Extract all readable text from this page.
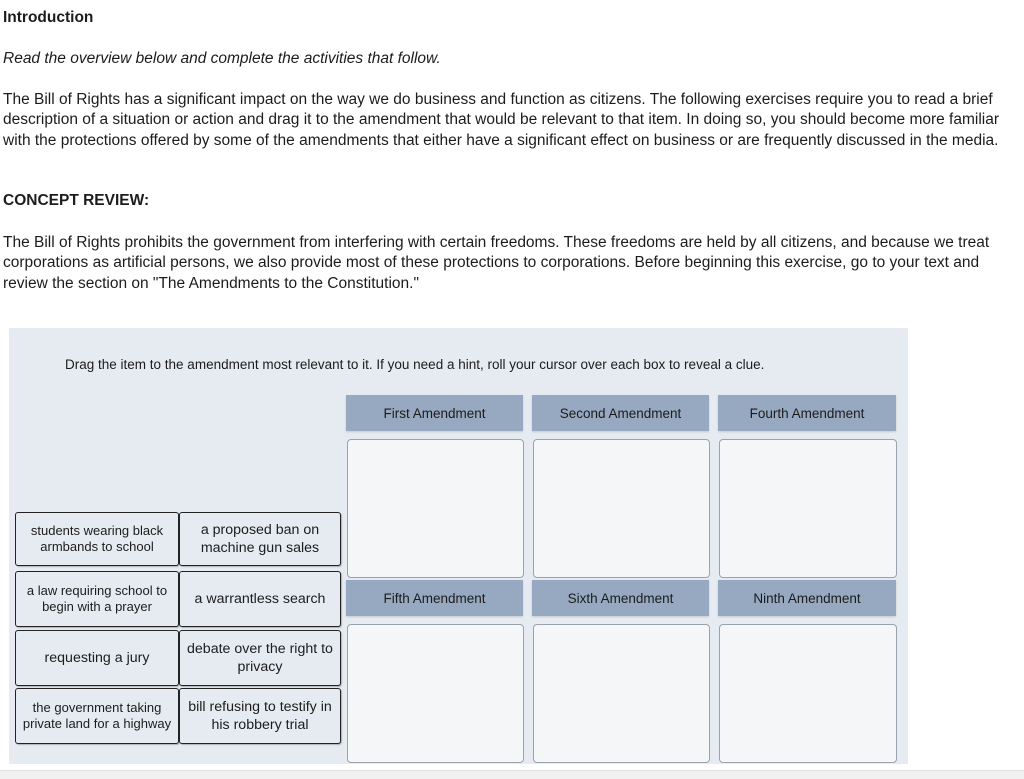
Introduction
Read the overview below and complete the activities that follow.
The Bill of Rights has a significant impact on the way we do business and function as citizens. The following exercises require you to read a brief description of a situation or action and drag it to the amendment that would be relevant to that item. In doing so, you should become more familiar with the protections offered by some of the amendments that either have a significant effect on business or are frequently discussed in the media.
CONCEPT REVIEW:
The Bill of Rights prohibits the government from interfering with certain freedoms. These freedoms are held by all citizens, and because we treat corporations as artificial persons, we also provide most of these protections to corporations. Before beginning this exercise, go to your text and review the section on "The Amendments to the Constitution."
Drag the item to the amendment most relevant to it. If you need a hint, roll your cursor over each box to reveal a clue.
First Amendment	Second Amendment	Fourth Amendment
Fifth Amendment	Sixth Amendment	Ninth Amendment
students wearing black armbands to school
a proposed ban on machine gun sales
a law requiring school to begin with a prayer	a warrantless search
requesting a jury
debate over the right to privacy
the government taking private land for a highway
bill refusing to testify in his robbery trial
